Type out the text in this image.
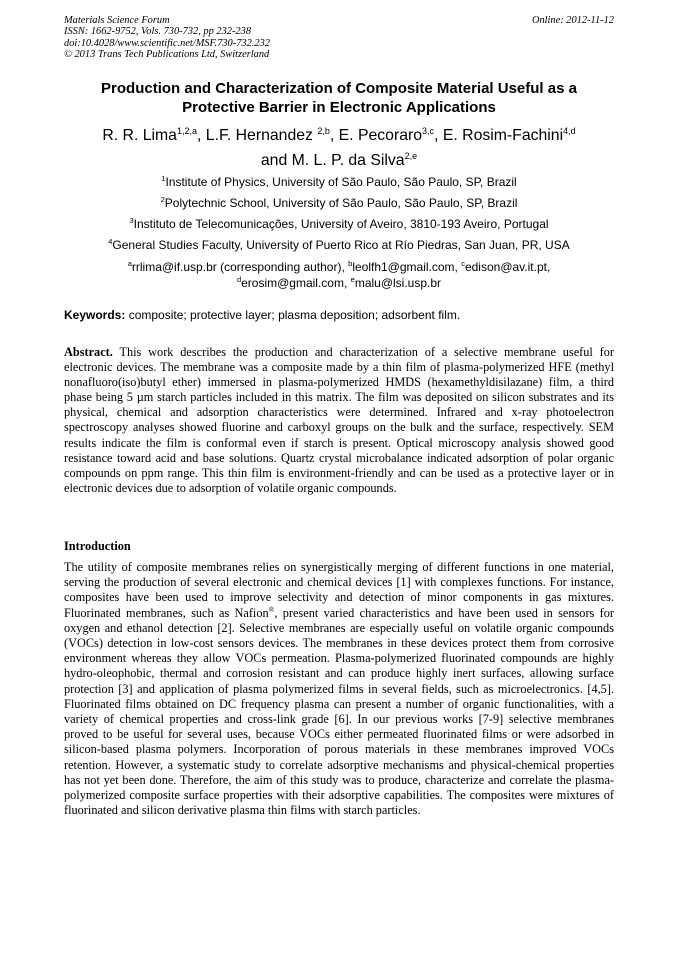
Materials Science Forum
ISSN: 1662-9752, Vols. 730-732, pp 232-238
doi:10.4028/www.scientific.net/MSF.730-732.232
© 2013 Trans Tech Publications Ltd, Switzerland
Online: 2012-11-12
Production and Characterization of Composite Material Useful as a Protective Barrier in Electronic Applications
R. R. Lima$^{1,2,a}$, L.F. Hernandez $^{2,b}$, E. Pecoraro$^{3,c}$, E. Rosim-Fachini$^{4,d}$
and M. L. P. da Silva$^{2,e}$
$^1$Institute of Physics, University of São Paulo, São Paulo, SP, Brazil
$^2$Polytechnic School, University of São Paulo, São Paulo, SP, Brazil
$^3$Instituto de Telecomunicações, University of Aveiro, 3810-193 Aveiro, Portugal
$^4$General Studies Faculty, University of Puerto Rico at Río Piedras, San Juan, PR, USA
$^a$rrlima@if.usp.br (corresponding author), $^b$leolfh1@gmail.com, $^c$edison@av.it.pt,
$^d$erosim@gmail.com, $^e$malu@lsi.usp.br
Keywords: composite; protective layer; plasma deposition; adsorbent film.
Abstract. This work describes the production and characterization of a selective membrane useful for electronic devices. The membrane was a composite made by a thin film of plasma-polymerized HFE (methyl nonafluoro(iso)butyl ether) immersed in plasma-polymerized HMDS (hexamethyldisilazane) film, a third phase being 5 µm starch particles included in this matrix. The film was deposited on silicon substrates and its physical, chemical and adsorption characteristics were determined. Infrared and x-ray photoelectron spectroscopy analyses showed fluorine and carboxyl groups on the bulk and the surface, respectively. SEM results indicate the film is conformal even if starch is present. Optical microscopy analysis showed good resistance toward acid and base solutions. Quartz crystal microbalance indicated adsorption of polar organic compounds on ppm range. This thin film is environment-friendly and can be used as a protective layer or in electronic devices due to adsorption of volatile organic compounds.
Introduction
The utility of composite membranes relies on synergistically merging of different functions in one material, serving the production of several electronic and chemical devices [1] with complexes functions. For instance, composites have been used to improve selectivity and detection of minor components in gas mixtures. Fluorinated membranes, such as Nafion®, present varied characteristics and have been used in sensors for oxygen and ethanol detection [2]. Selective membranes are especially useful on volatile organic compounds (VOCs) detection in low-cost sensors devices. The membranes in these devices protect them from corrosive environment whereas they allow VOCs permeation. Plasma-polymerized fluorinated compounds are highly hydro-oleophobic, thermal and corrosion resistant and can produce highly inert surfaces, allowing surface protection [3] and application of plasma polymerized films in several fields, such as microelectronics. [4,5]. Fluorinated films obtained on DC frequency plasma can present a number of organic functionalities, with a variety of chemical properties and cross-link grade [6]. In our previous works [7-9] selective membranes proved to be useful for several uses, because VOCs either permeated fluorinated films or were adsorbed in silicon-based plasma polymers. Incorporation of porous materials in these membranes improved VOCs retention. However, a systematic study to correlate adsorptive mechanisms and physical-chemical properties has not yet been done. Therefore, the aim of this study was to produce, characterize and correlate the plasma-polymerized composite surface properties with their adsorptive capabilities. The composites were mixtures of fluorinated and silicon derivative plasma thin films with starch particles.
